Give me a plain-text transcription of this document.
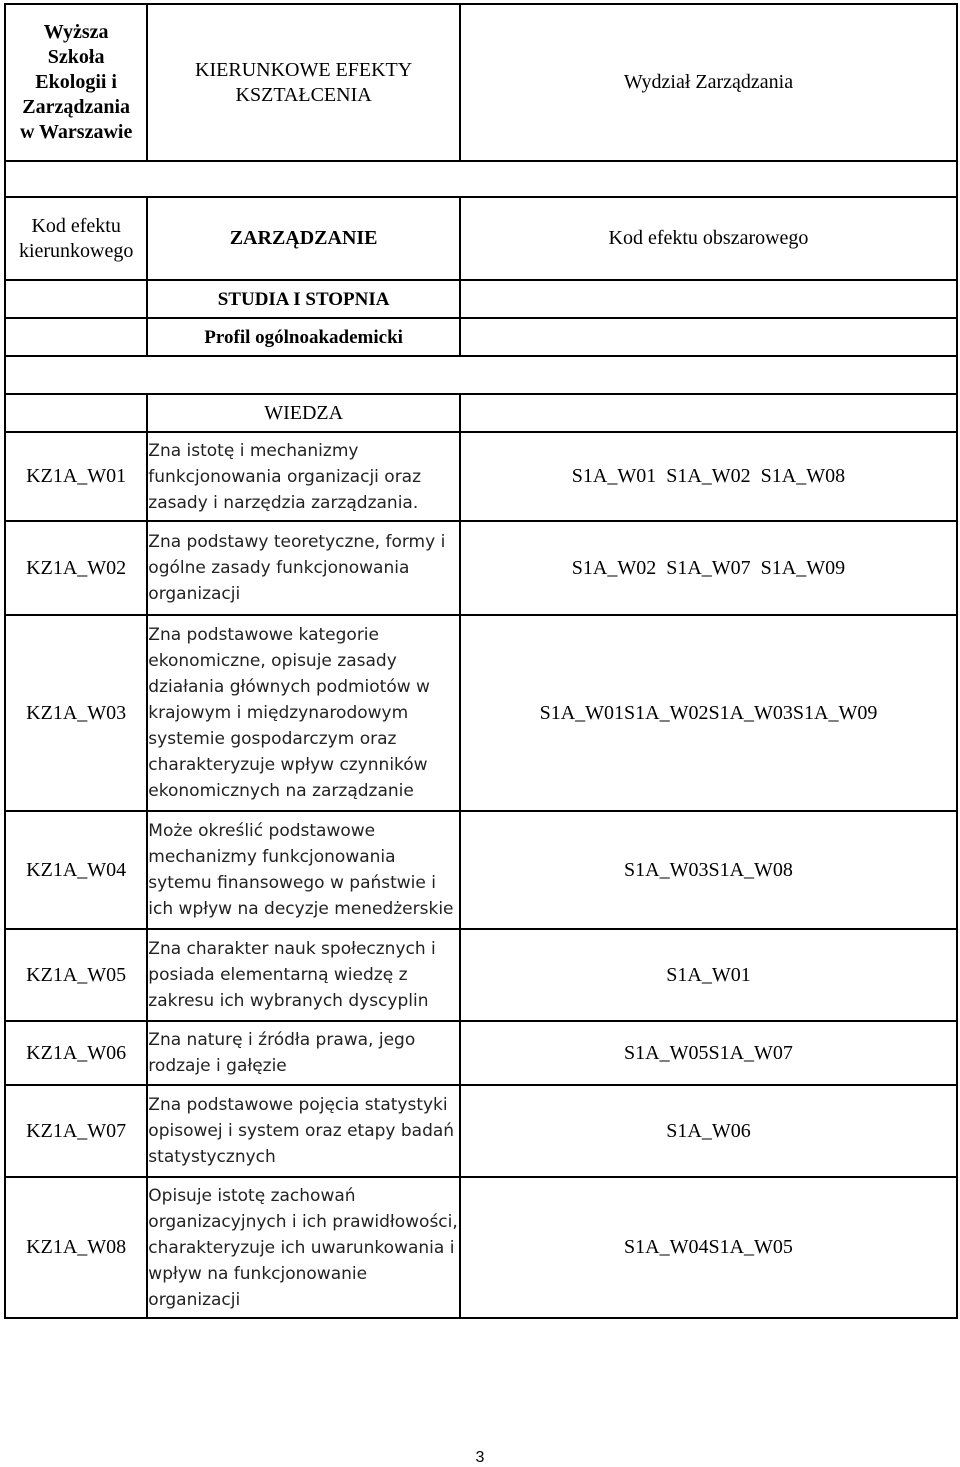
Wyższa Szkoła Ekologii i Zarządzania w Warszawie	KIERUNKOWE EFEKTY KSZTAŁCENIA	Wydział Zarządzania

Kod efektu kierunkowego	ZARZĄDZANIE	Kod efektu obszarowego
	STUDIA I STOPNIA	
	Profil ogólnoakademicki	

	WIEDZA	
KZ1A_W01	Zna istotę i mechanizmy funkcjonowania organizacji oraz zasady i narzędzia zarządzania.	S1A_W01  S1A_W02  S1A_W08
KZ1A_W02	Zna podstawy teoretyczne, formy i ogólne zasady funkcjonowania organizacji	S1A_W02  S1A_W07  S1A_W09
KZ1A_W03	Zna podstawowe kategorie ekonomiczne, opisuje zasady działania głównych podmiotów w krajowym i międzynarodowym systemie gospodarczym oraz charakteryzuje wpływ czynników ekonomicznych na zarządzanie	S1A_W01S1A_W02S1A_W03S1A_W09
KZ1A_W04	Może określić podstawowe mechanizmy funkcjonowania sytemu finansowego w państwie i ich wpływ na decyzje menedżerskie	S1A_W03S1A_W08
KZ1A_W05	Zna charakter nauk społecznych i posiada elementarną wiedzę z zakresu ich wybranych dyscyplin	S1A_W01
KZ1A_W06	Zna naturę i źródła prawa, jego rodzaje i gałęzie	S1A_W05S1A_W07
KZ1A_W07	Zna podstawowe pojęcia statystyki opisowej i system oraz etapy badań statystycznych	S1A_W06
KZ1A_W08	Opisuje istotę zachowań organizacyjnych i ich prawidłowości, charakteryzuje ich uwarunkowania i wpływ na funkcjonowanie organizacji	S1A_W04S1A_W05
3
